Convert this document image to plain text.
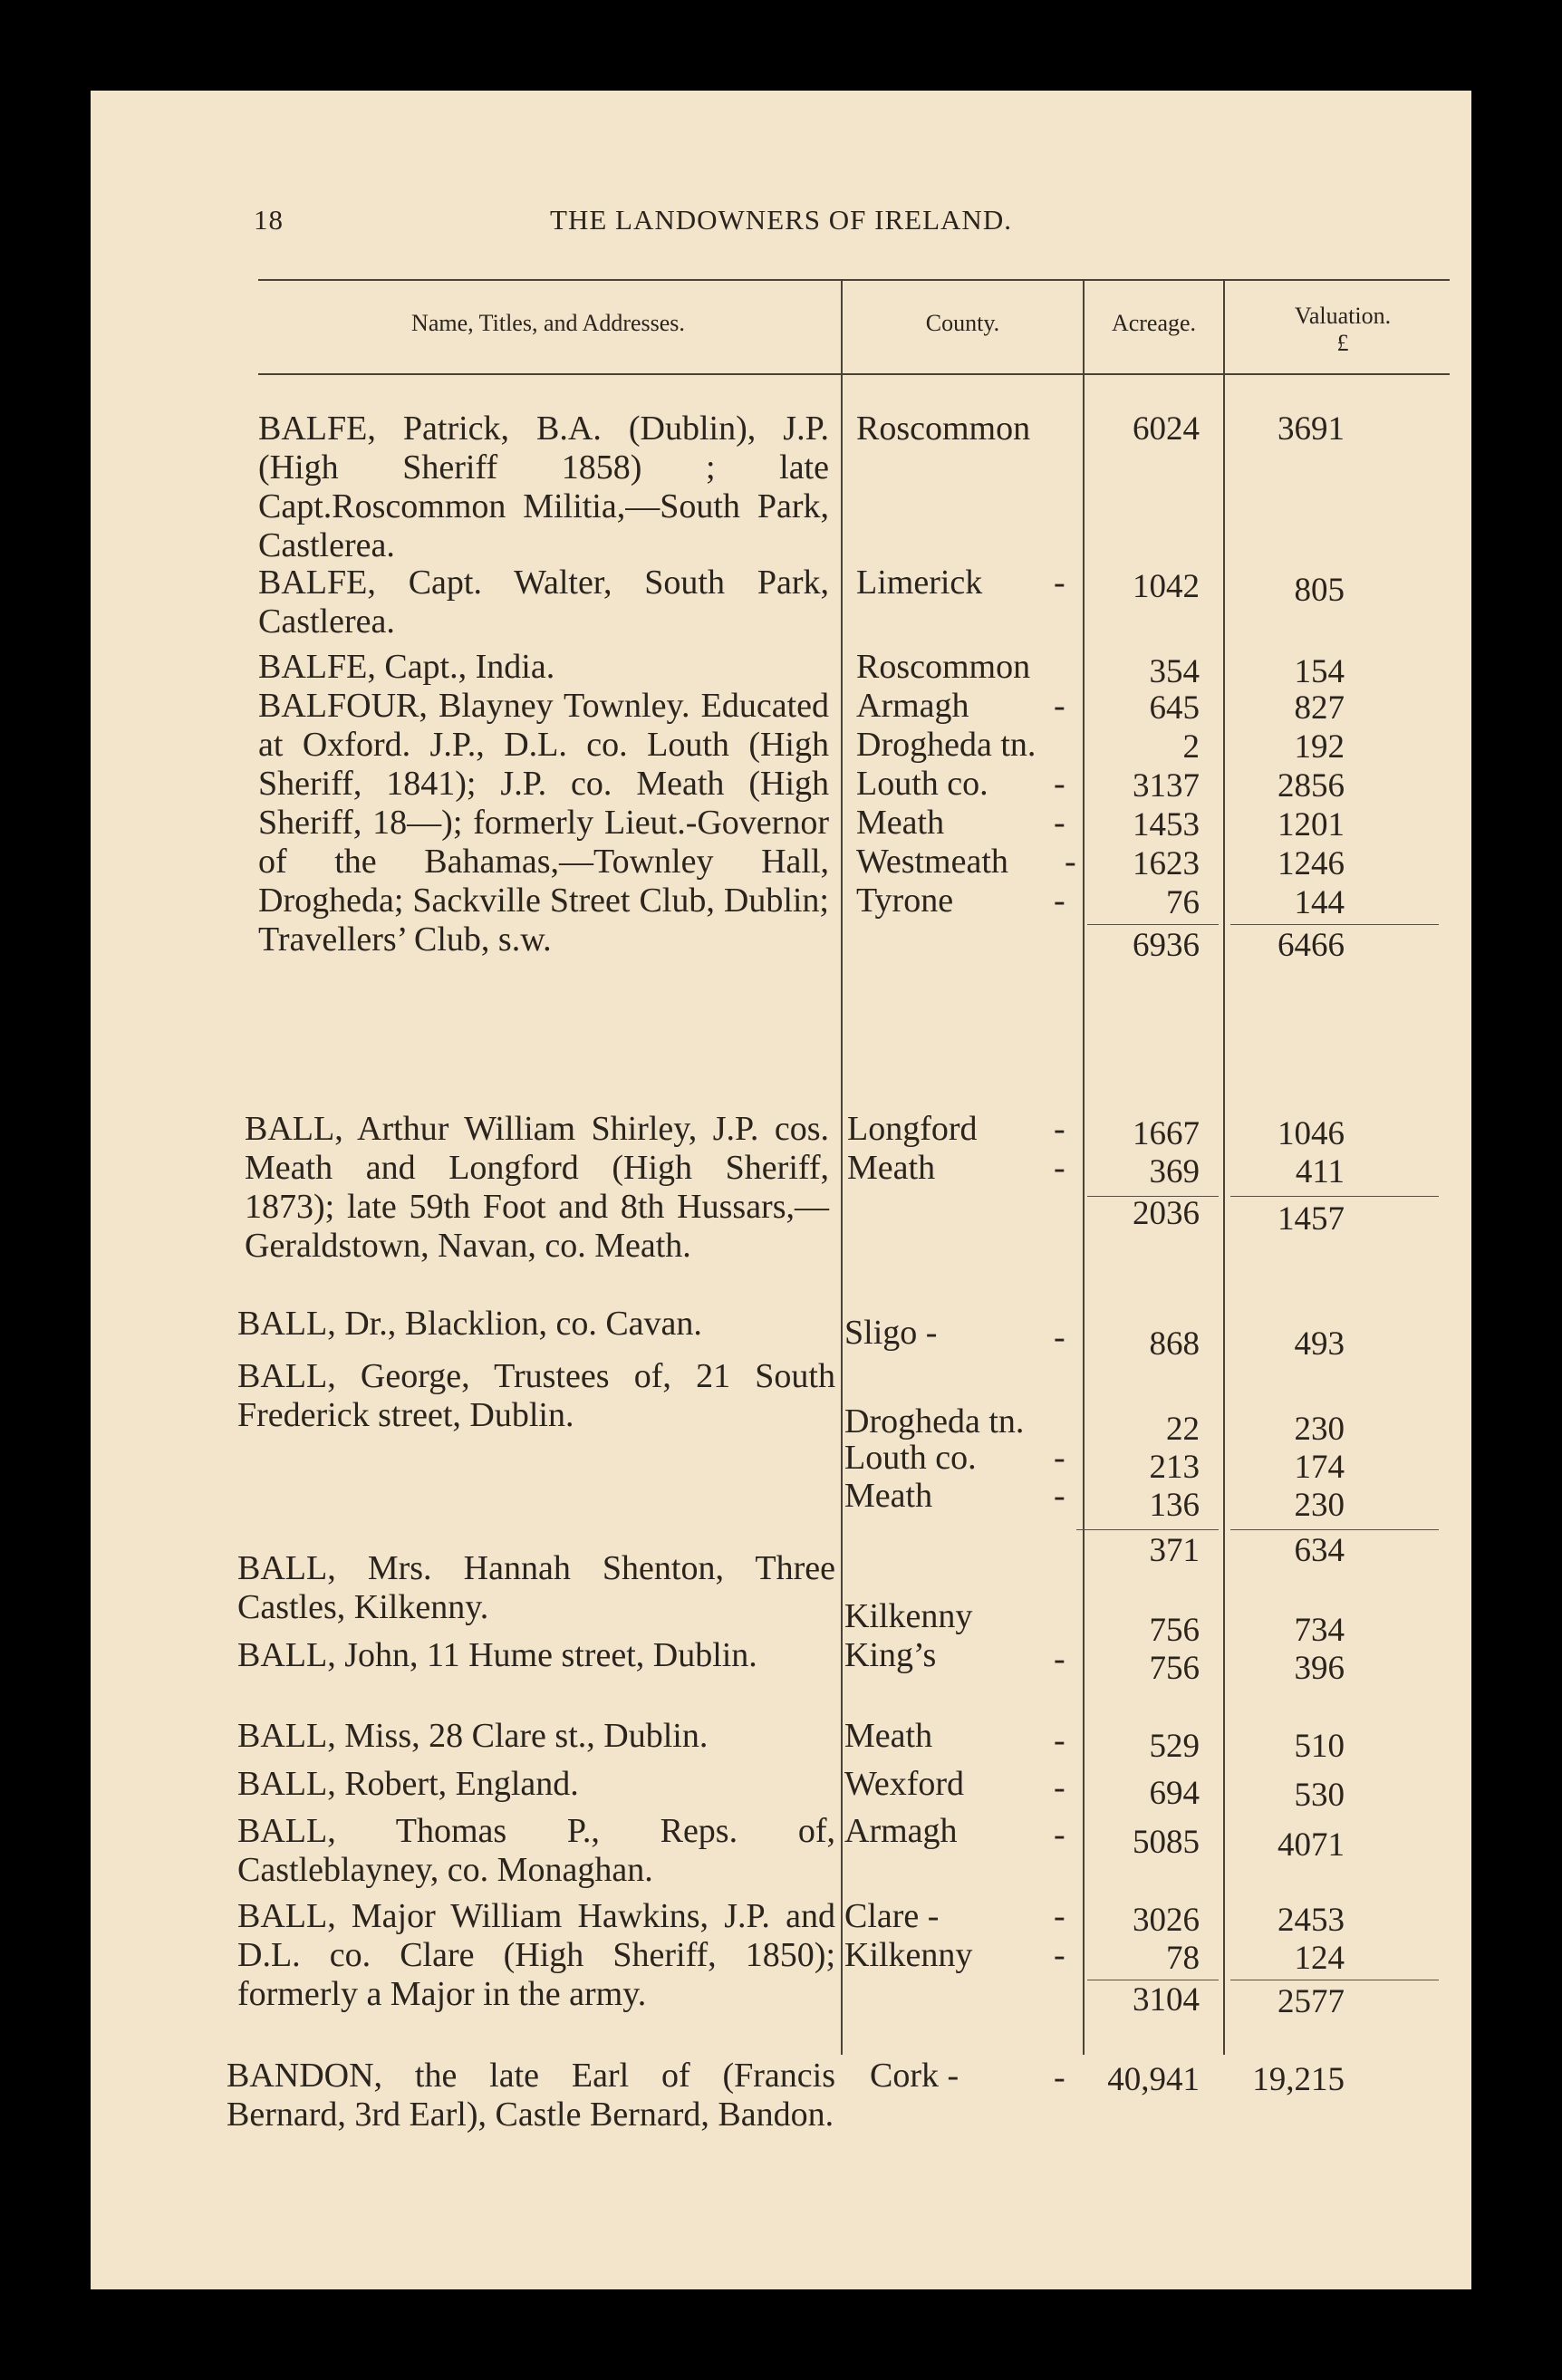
18	THE LANDOWNERS OF IRELAND.
Name, Titles, and Addresses.	County.	Acreage.	Valuation.
£
BALFE, Patrick, B.A. (Dublin), J.P. (High Sheriff 1858) ; late Capt.Roscommon Militia,—South Park, Castlerea.
Roscommon	6024	3691
BALFE, Capt. Walter, South Park, Castlerea.
Limerick -	1042	805
BALFE, Capt., India.	Roscommon	354	154
BALFOUR, Blayney Townley. Educated at Oxford. J.P., D.L. co. Louth (High Sheriff, 1841); J.P. co. Meath (High Sheriff, 18—); formerly Lieut.-Governor of the Bahamas,—Townley Hall, Drogheda; Sackville Street Club, Dublin; Travellers’ Club, s.w.
Armagh -	645	827
Drogheda tn.	2	192
Louth co. -	3137	2856
Meath	-	1453	1201
Westmeath -	1623	1246
Tyrone	-	76	144
6936	6466
BALL, Arthur William Shirley, J.P. cos. Meath and Longford (High Sheriff, 1873); late 59th Foot and 8th Hussars,—Geraldstown, Navan, co. Meath.
Longford -	1667	1046
Meath	-	369	411
2036	1457
BALL, Dr., Blacklion, co. Cavan.	Sligo -	-	868	493
BALL, George, Trustees of, 21 South Frederick street, Dublin.	Drogheda tn.	22	230
Louth co. -	213	174
Meath	-	136	230
371	634
BALL, Mrs. Hannah Shenton, Three Castles, Kilkenny.	Kilkenny	756	734
BALL, John, 11 Hume street, Dublin.	King’s	-	756	396
BALL, Miss, 28 Clare st., Dublin.	Meath	-	529	510
BALL, Robert, England.	Wexford	-	694	530
BALL, Thomas P., Reps. of, Castleblayney, co. Monaghan.
Armagh	-	5085	4071
BALL, Major William Hawkins, J.P. and D.L. co. Clare (High Sheriff, 1850); formerly a Major in the army.
Clare -	-	3026	2453
Kilkenny -	78	124
3104	2577
BANDON, the late Earl of (Francis Bernard, 3rd Earl), Castle Bernard, Bandon.
Cork -	-	40,941	19,215
